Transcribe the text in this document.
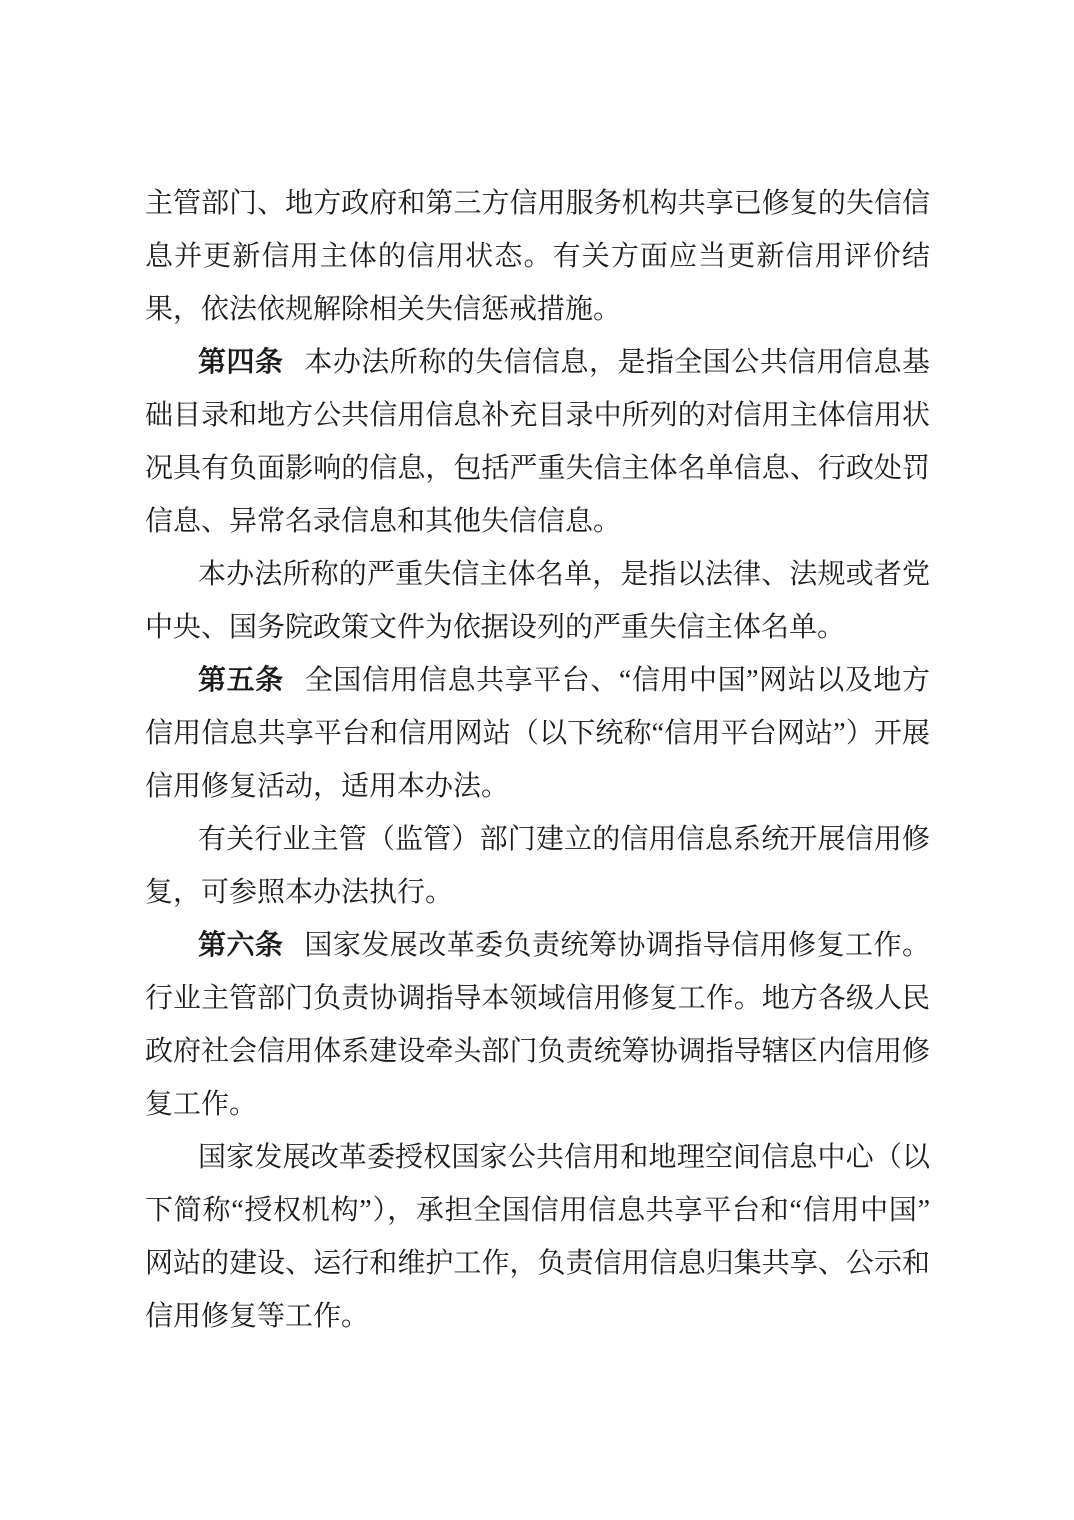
主管部门、地方政府和第三方信用服务机构共享已修复的失信信息并更新信用主体的信用状态。有关方面应当更新信用评价结果，依法依规解除相关失信惩戒措施。

第四条 本办法所称的失信信息，是指全国公共信用信息基础目录和地方公共信用信息补充目录中所列的对信用主体信用状况具有负面影响的信息，包括严重失信主体名单信息、行政处罚信息、异常名录信息和其他失信信息。

本办法所称的严重失信主体名单，是指以法律、法规或者党中央、国务院政策文件为依据设列的严重失信主体名单。

第五条 全国信用信息共享平台、“信用中国”网站以及地方信用信息共享平台和信用网站（以下统称“信用平台网站”）开展信用修复活动，适用本办法。

有关行业主管（监管）部门建立的信用信息系统开展信用修复，可参照本办法执行。

第六条 国家发展改革委负责统筹协调指导信用修复工作。行业主管部门负责协调指导本领域信用修复工作。地方各级人民政府社会信用体系建设牵头部门负责统筹协调指导辖区内信用修复工作。

国家发展改革委授权国家公共信用和地理空间信息中心（以下简称“授权机构”），承担全国信用信息共享平台和“信用中国”网站的建设、运行和维护工作，负责信用信息归集共享、公示和信用修复等工作。
